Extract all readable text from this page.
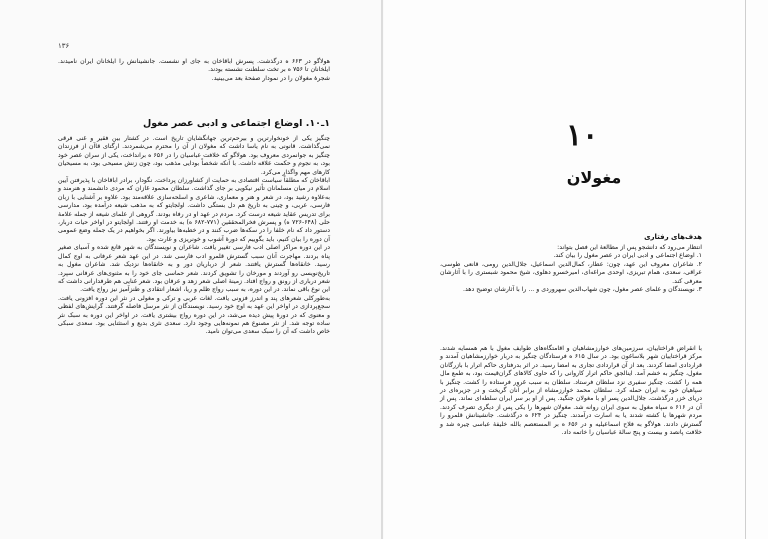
١٣۶

هولاگو در ۶۶۳ ه درگذشت. پسرش اباقاخان به جای او نشست. جانشینانش را ایلخانان ایران نامیدند. ایلخانان تا ۷۵۶ ه بر تخت سلطنت نشسته بودند.

شجرهٔ مغولان را در نمودار صفحهٔ بعد می‌بینید.

۱ـ۱۰. اوضاع اجتماعی و ادبی عصر مغول

چنگیز یکی از خونخوارترین و بیرحم‌ترین جهانگشایان تاریخ است. در کشتار بین فقیر و غنی فرقی نمی‌گذاشت. قانونی به نام یاسا داشت که مغولان از آن را محترم می‌شمردند. ارگتای قاآن از فرزندان چنگیز به جوانمردی معروف بود. هولاگو که خلافت عباسیان را در ۶۵۶ ه برانداخت، یکی از سران عصر خود بود، به نجوم و حکمت علاقه داشت. با آنکه شخصاً بودایی مذهب بود، چون زنش مسیحی بود، به مسیحیان کارهای مهم واگذار می‌کرد.

اباقاخان که مطلقاً سیاست اقتصادی به حمایت از کشاورزان پرداخت. نگودار، برادر اباقاخان با پذیرفتن آیین اسلام در میان مسلمانان تأثیر نیکویی بر جای گذاشت. سلطان محمود غازان که مردی دانشمند و هنرمند و به‌علاوه رشید بود، در شعر و هنر و معماری، شاعری و اسلحه‌سازی علاقه‌مند بود. علاوه بر آشنایی با زبان فارسی، عربی، و چینی به تاریخ هم دل بستگی داشت. اولجایتو که به مذهب شیعه درآمده بود، مدارسی برای تدریس عقاید شیعه درست کرد. مردم در عهد او در رفاه بودند. گروهی از علمای شیعه از جمله علامهٔ حلی (۶۴۸-۷۲۶ ه) و پسرش فخرالمحققین (۷۷۱-۶۸۲ ه) به خدمت او رفتند. اولجایتو در اواخر حیات دربار، دستور داد که نام خلفا را در سکه‌ها ضرب کنند و در خطبه‌ها بیاورند. اگر بخواهیم در یک جمله وضع عمومی آن دوره را بیان کنیم، باید بگوییم که دورهٔ آشوب و خونریزی و غارت بود.

در این دوره مراکز اصلی ادب فارسی تغییر یافت. شاعران و نویسندگان به شهر قانع شده و آسیای صغیر پناه بردند. مهاجرت آنان سبب گسترش قلمرو ادب فارسی شد. در این عهد شعر عرفانی به اوج کمال رسید. خانقاه‌ها گسترش یافتند. شعر از درباریان دور و به خانقاه‌ها نزدیک شد. شاعران مغول به تاریخ‌نویسی رو آوردند و مورخان را تشویق کردند. شعر حماسی جای خود را به مثنوی‌های عرفانی سپرد. شعر درباری از رونق و رواج افتاد. زمینهٔ اصلی شعر زهد و عرفان بود. شعر غنایی هم طرفدارانی داشت که این نوع باقی نماند. در این دوره، به سبب رواج ظلم و ریا، اشعار انتقادی و طنزآمیز نیز رواج یافت.

به‌طورکلی شعرهای پند و اندرز فزونی یافت. لغات عربی و ترکی و مغولی در نثر این دوره افزونی یافت. سجع‌پردازی در اواخر این عهد به اوج خود رسید. نویسندگان از نثر مرسل فاصله گرفتند. گرایش‌های لفظی و معنوی که در دورهٔ پیش دیده می‌شد، در این دوره رواج بیشتری یافت. در اواخر این دوره به سبک نثر ساده توجه شد. از نثر مصنوع هم نمونه‌هایی وجود دارد. سعدی نثری بدیع و استثنایی بود. سعدی سبکی خاص داشت که آن را سبک سعدی می‌توان نامید.

۱۰
مغولان
هدف‌های رفتاری

انتظار می‌رود که دانشجو پس از مطالعهٔ این فصل بتواند:

۱. اوضاع اجتماعی و ادبی ایران در عصر مغول را بیان کند.
۲. شاعران معروف این عهد، چون: عطار، کمال‌الدین اسماعیل، جلال‌الدین رومی، قانعی طوسی، عراقی، سعدی، همام تبریزی، اوحدی مراغه‌ای، امیرخسرو دهلوی، شیخ محمود شبستری را با آثارشان معرفی کند.
۳. نویسندگان و علمای عصر مغول، چون شهاب‌الدین سهروردی و ... را با آثارشان توضیح دهد.

با انقراض قراختاییان، سرزمین‌های خوارزمشاهیان و اقامتگاه‌های طوایف مغول با هم همسایه شدند. مرکز قراختاییان شهر بلاساغون بود. در سال ۶۱۵ ه فرستادگان چنگیز به دربار خوارزمشاهیان آمدند و قراردادی امضا کردند. بعد از آن قراردادی تجاری به امضا رسید. در اثر بدرفتاری حاکم اترار با بازرگانان مغول، چنگیز به خشم آمد. اینالجق حاکم اترار کاروانی را که حاوی کالاهای گران‌قیمت بود، به طمع مال همه را کشت. چنگیز سفیری نزد سلطان فرستاد. سلطان به سبب غرور فرستاده را کشت. چنگیز با سپاهیان خود به ایران حمله کرد. سلطان محمد خوارزمشاه از برابر آنان گریخت و در جزیره‌ای در دریای خزر درگذشت. جلال‌الدین پسر او با مغولان جنگید. پس از او بر سر ایران سلطه‌ای نماند. پس از آن در ۶۱۶ ه سپاه مغول به سوی ایران روانه شد. مغولان شهرها را یکی پس از دیگری تصرف کردند. مردم شهرها یا کشته شدند یا به اسارت درآمدند. چنگیز در ۶۲۴ ه درگذشت. جانشینانش قلمرو را گسترش دادند. هولاگو به فلاح اسماعیلیه و در ۶۵۶ ه بر المستعصم بالله خلیفهٔ عباسی چیره شد و خلافت پانصد و بیست و پنج سالهٔ عباسیان را خاتمه داد.
